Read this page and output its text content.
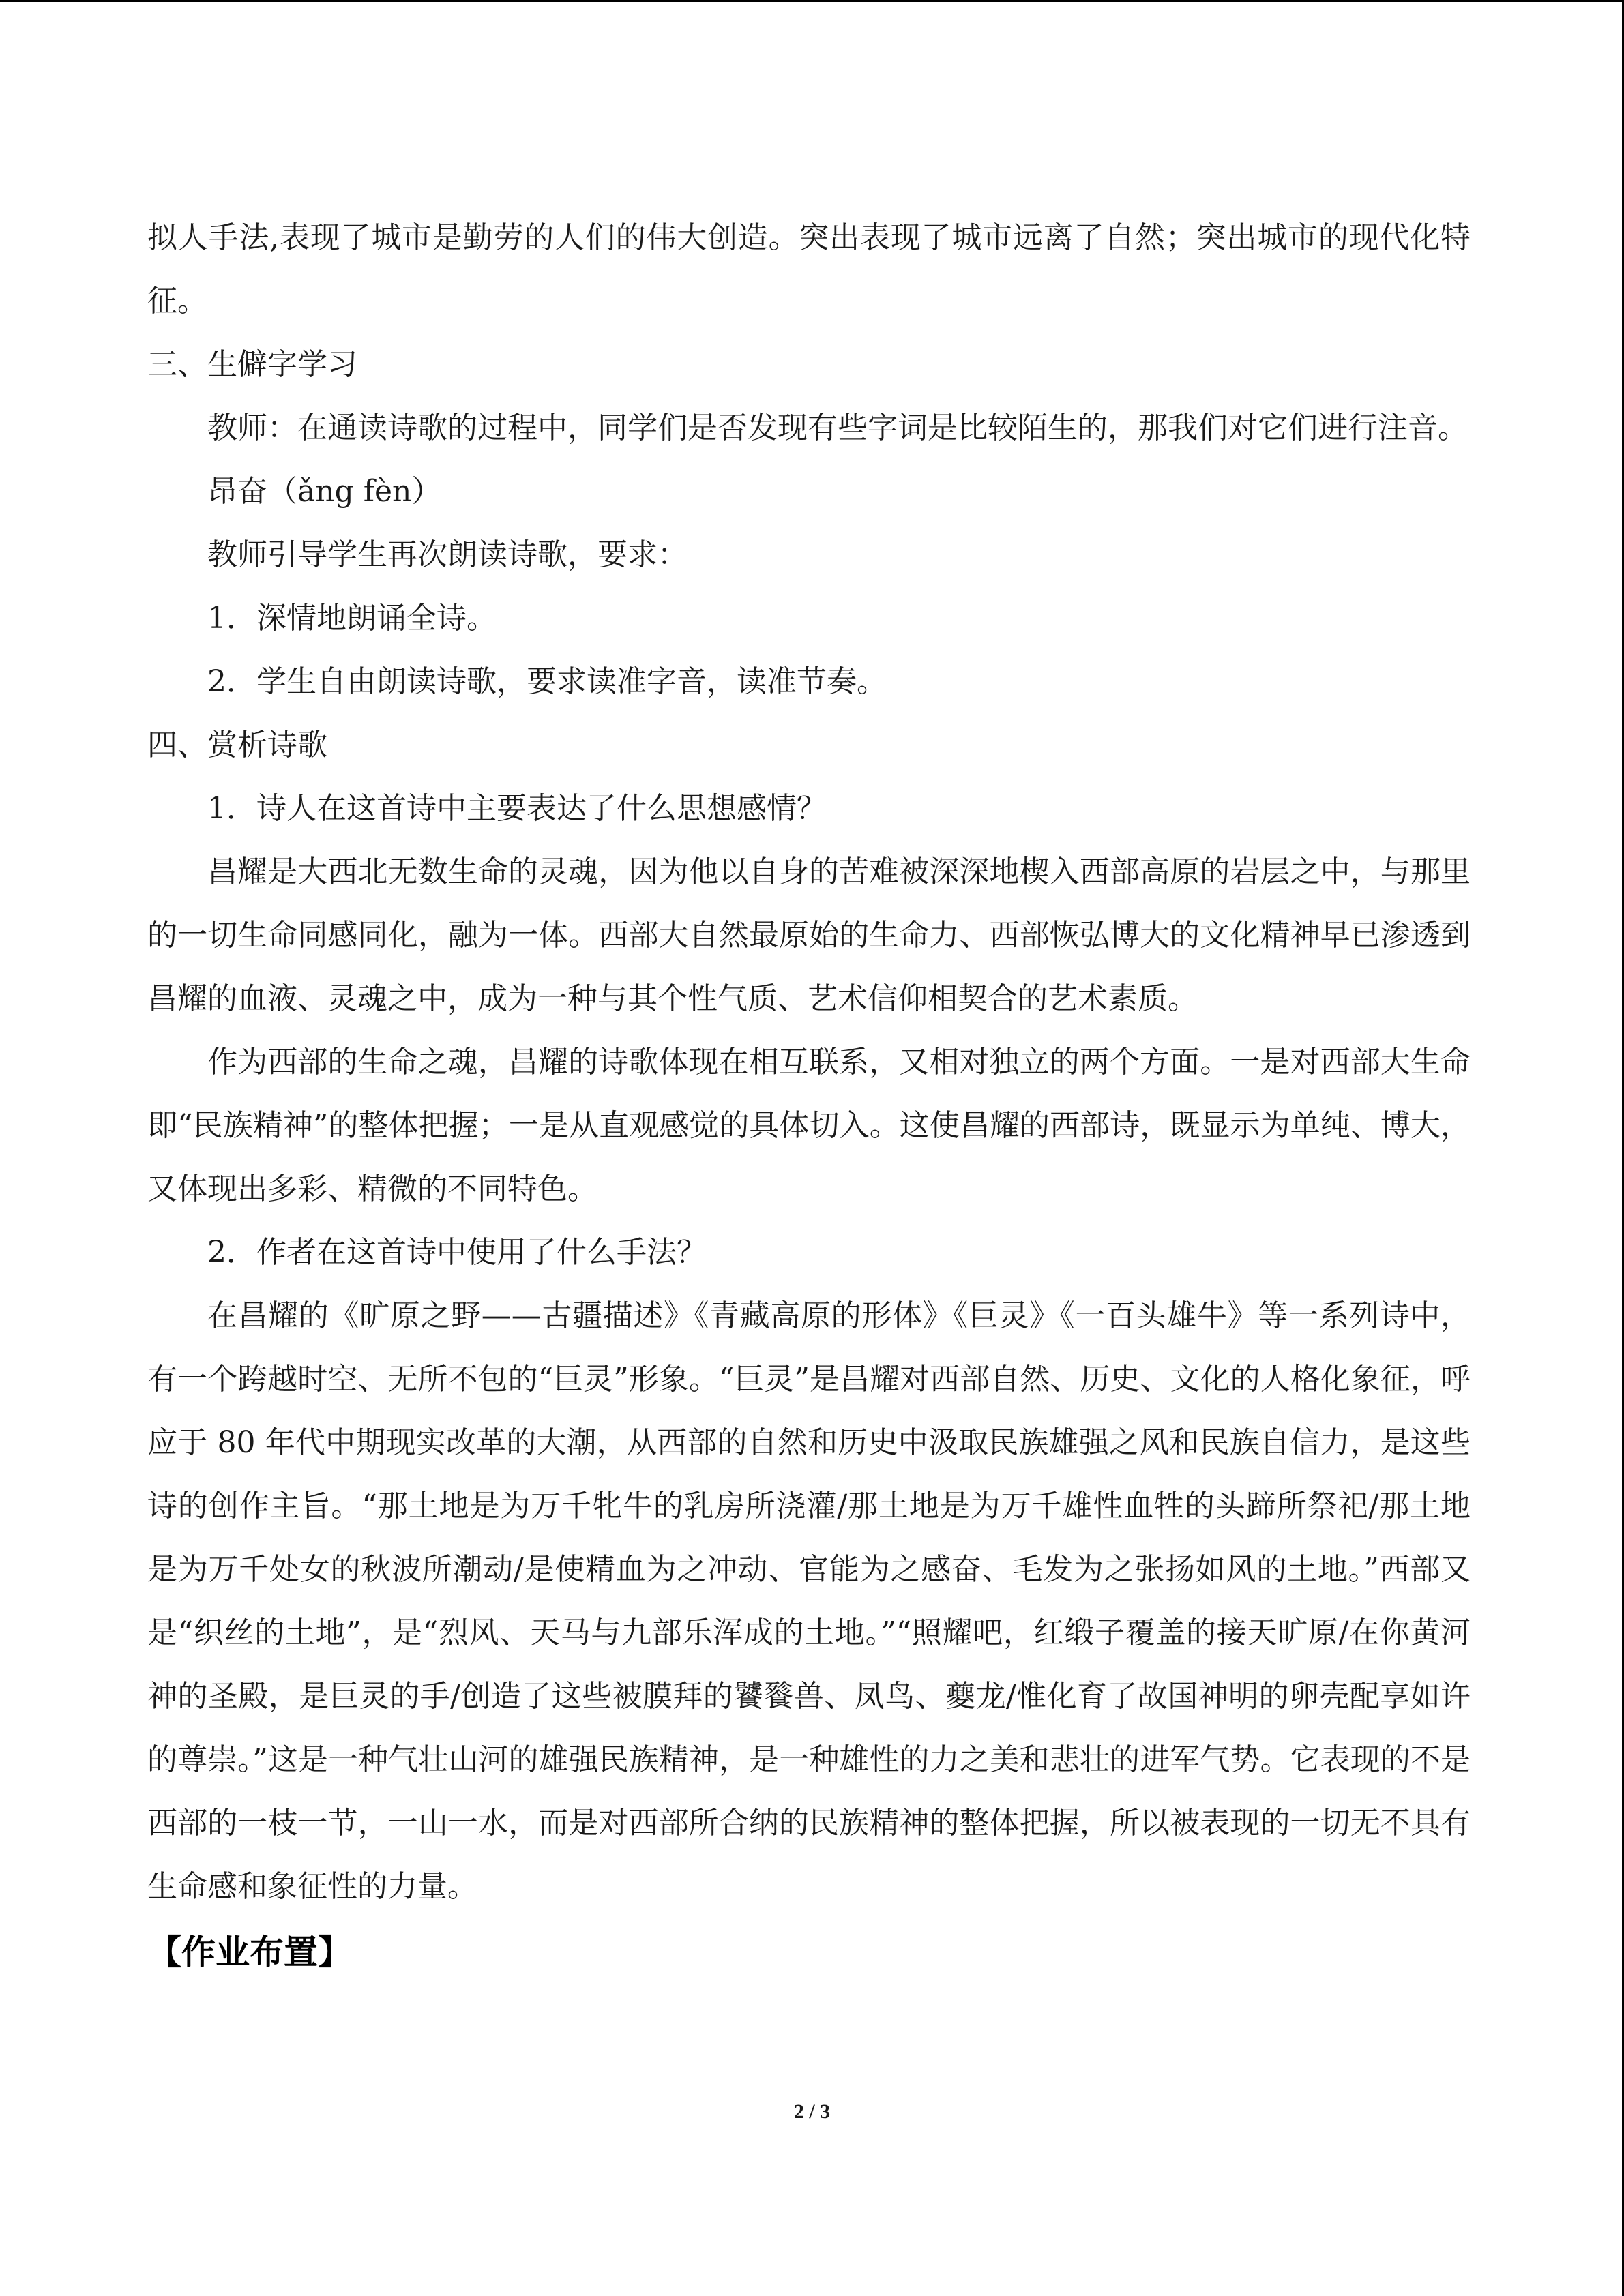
拟人手法,表现了城市是勤劳的人们的伟大创造。突出表现了城市远离了自然；突出城市的现代化特征。

三、生僻字学习

教师：在通读诗歌的过程中，同学们是否发现有些字词是比较陌生的，那我们对它们进行注音。

昂奋（ǎng fèn）

教师引导学生再次朗读诗歌，要求：

1．深情地朗诵全诗。

2．学生自由朗读诗歌，要求读准字音，读准节奏。

四、赏析诗歌

1．诗人在这首诗中主要表达了什么思想感情？

昌耀是大西北无数生命的灵魂，因为他以自身的苦难被深深地楔入西部高原的岩层之中，与那里的一切生命同感同化，融为一体。西部大自然最原始的生命力、西部恢弘博大的文化精神早已渗透到昌耀的血液、灵魂之中，成为一种与其个性气质、艺术信仰相契合的艺术素质。

作为西部的生命之魂，昌耀的诗歌体现在相互联系，又相对独立的两个方面。一是对西部大生命即“民族精神”的整体把握；一是从直观感觉的具体切入。这使昌耀的西部诗，既显示为单纯、博大，又体现出多彩、精微的不同特色。

2．作者在这首诗中使用了什么手法？

在昌耀的《旷原之野——古疆描述》《青藏高原的形体》《巨灵》《一百头雄牛》等一系列诗中，有一个跨越时空、无所不包的“巨灵”形象。“巨灵”是昌耀对西部自然、历史、文化的人格化象征，呼应于 80 年代中期现实改革的大潮，从西部的自然和历史中汲取民族雄强之风和民族自信力，是这些诗的创作主旨。“那土地是为万千牝牛的乳房所浇灌/那土地是为万千雄性血牲的头蹄所祭祀/那土地是为万千处女的秋波所潮动/是使精血为之冲动、官能为之感奋、毛发为之张扬如风的土地。”西部又是“织丝的土地”，是“烈风、天马与九部乐浑成的土地。”“照耀吧，红缎子覆盖的接天旷原/在你黄河神的圣殿，是巨灵的手/创造了这些被膜拜的饕餮兽、凤鸟、夔龙/惟化育了故国神明的卵壳配享如许的尊崇。”这是一种气壮山河的雄强民族精神，是一种雄性的力之美和悲壮的进军气势。它表现的不是西部的一枝一节，一山一水，而是对西部所合纳的民族精神的整体把握，所以被表现的一切无不具有生命感和象征性的力量。

【作业布置】

2 / 3
